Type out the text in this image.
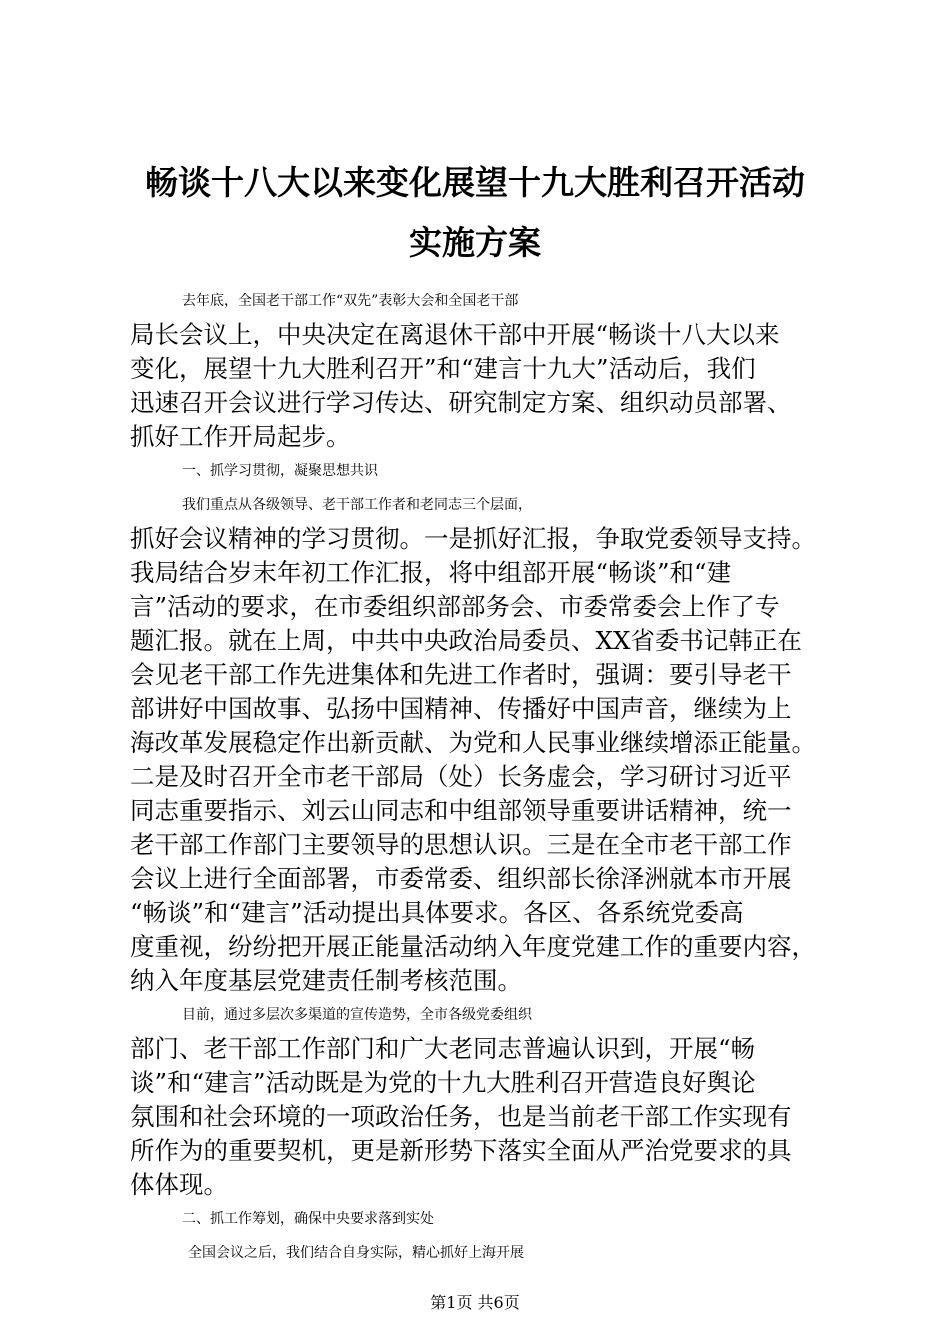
畅谈十八大以来变化展望十九大胜利召开活动
实施方案

去年底，全国老干部工作“双先”表彰大会和全国老干部

局长会议上，中央决定在离退休干部中开展“畅谈十八大以来

变化，展望十九大胜利召开”和“建言十九大”活动后，我们

迅速召开会议进行学习传达、研究制定方案、组织动员部署、

抓好工作开局起步。

一、抓学习贯彻，凝聚思想共识

我们重点从各级领导、老干部工作者和老同志三个层面，

抓好会议精神的学习贯彻。一是抓好汇报，争取党委领导支持。

我局结合岁末年初工作汇报，将中组部开展“畅谈”和“建

言”活动的要求，在市委组织部部务会、市委常委会上作了专

题汇报。就在上周，中共中央政治局委员、XX省委书记韩正在

会见老干部工作先进集体和先进工作者时，强调：要引导老干

部讲好中国故事、弘扬中国精神、传播好中国声音，继续为上

海改革发展稳定作出新贡献、为党和人民事业继续增添正能量。

二是及时召开全市老干部局（处）长务虚会，学习研讨习近平

同志重要指示、刘云山同志和中组部领导重要讲话精神，统一

老干部工作部门主要领导的思想认识。三是在全市老干部工作

会议上进行全面部署，市委常委、组织部长徐泽洲就本市开展

“畅谈”和“建言”活动提出具体要求。各区、各系统党委高

度重视，纷纷把开展正能量活动纳入年度党建工作的重要内容，

纳入年度基层党建责任制考核范围。

目前，通过多层次多渠道的宣传造势，全市各级党委组织

部门、老干部工作部门和广大老同志普遍认识到，开展“畅

谈”和“建言”活动既是为党的十九大胜利召开营造良好舆论

氛围和社会环境的一项政治任务，也是当前老干部工作实现有

所作为的重要契机，更是新形势下落实全面从严治党要求的具

体体现。

二、抓工作筹划，确保中央要求落到实处

全国会议之后，我们结合自身实际，精心抓好上海开展

第1页 共6页
